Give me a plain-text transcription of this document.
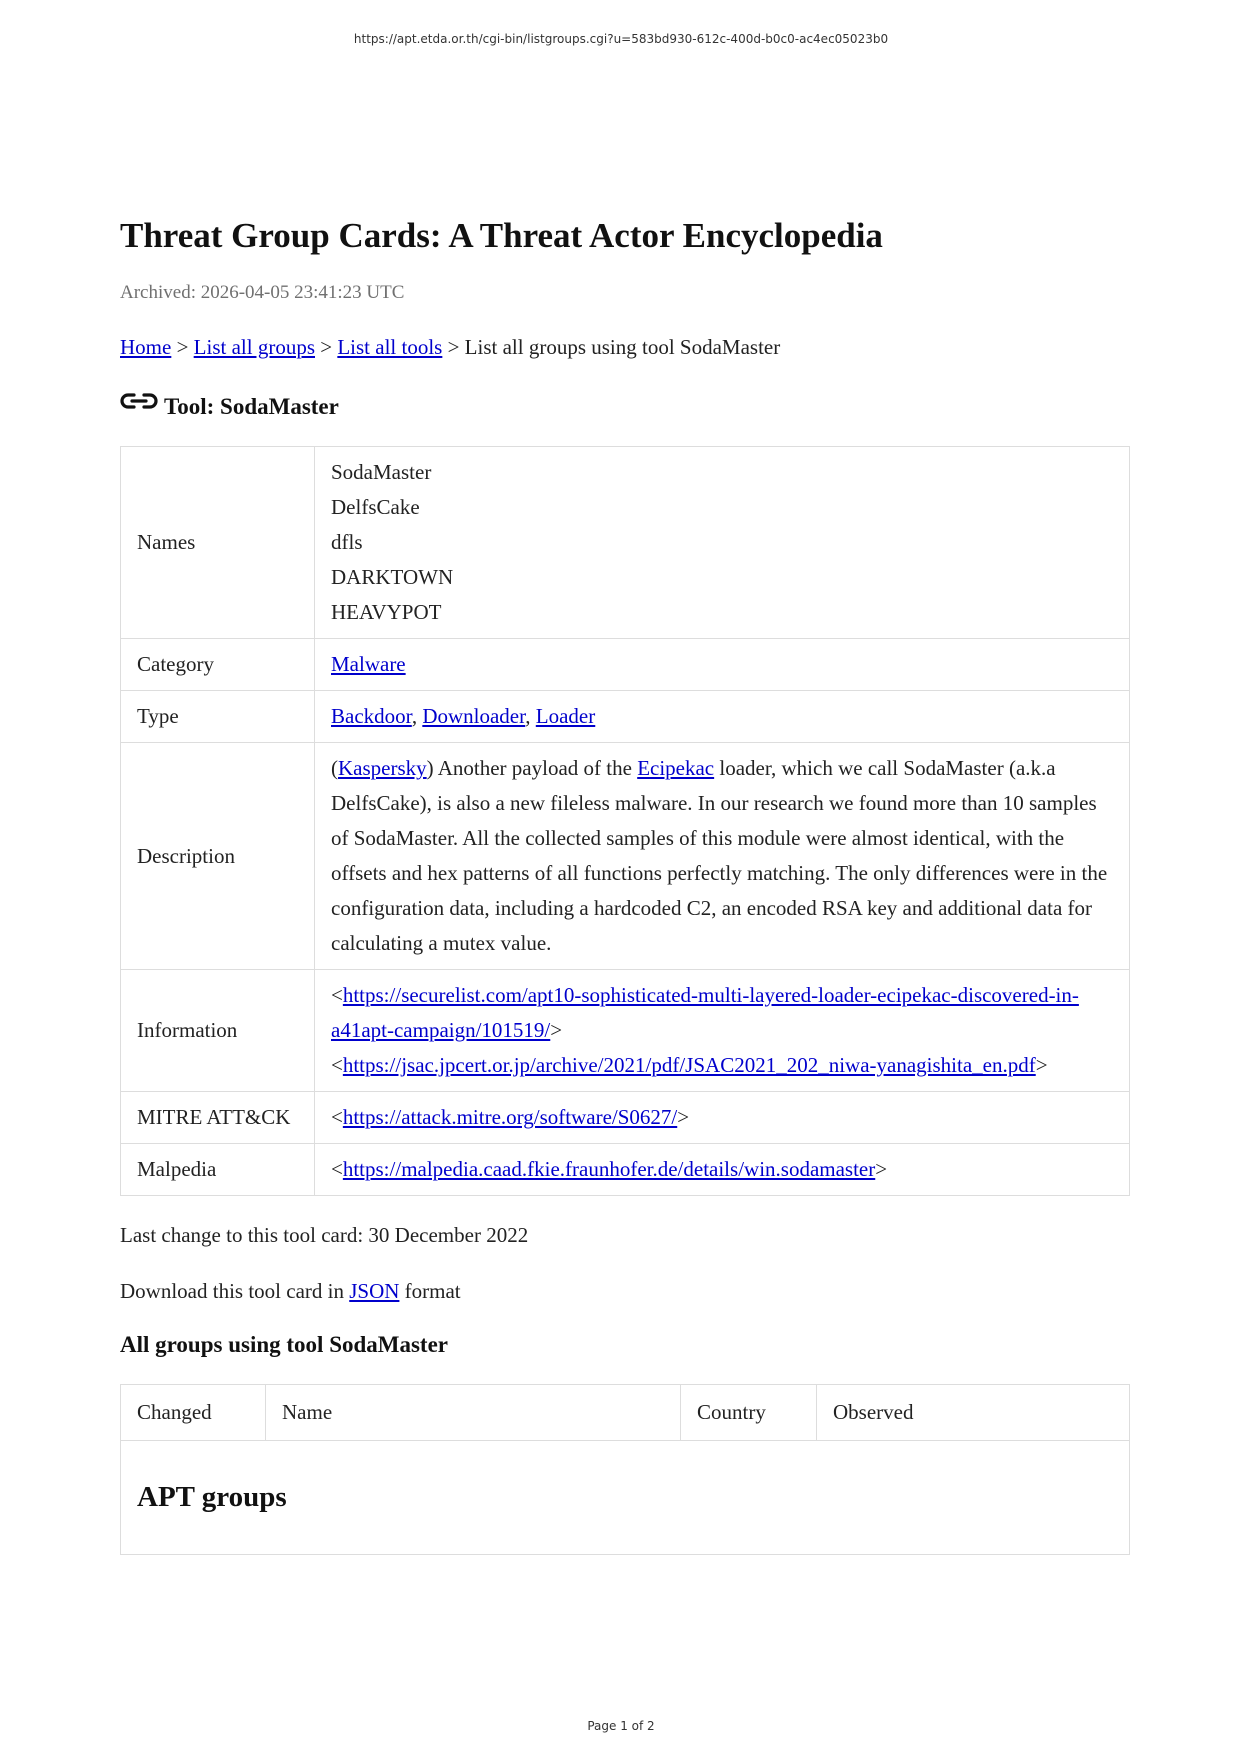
https://apt.etda.or.th/cgi-bin/listgroups.cgi?u=583bd930-612c-400d-b0c0-ac4ec05023b0
Threat Group Cards: A Threat Actor Encyclopedia
Archived: 2026-04-05 23:41:23 UTC
Home > List all groups > List all tools > List all groups using tool SodaMaster
Tool: SodaMaster
Names	SodaMaster
DelfsCake
dfls
DARKTOWN
HEAVYPOT

Category	Malware
Type	Backdoor, Downloader, Loader
Description	(Kaspersky) Another payload of the Ecipekac loader, which we call SodaMaster (a.k.a DelfsCake), is also a new fileless malware. In our research we found more than 10 samples of SodaMaster. All the collected samples of this module were almost identical, with the offsets and hex patterns of all functions perfectly matching. The only differences were in the configuration data, including a hardcoded C2, an encoded RSA key and additional data for calculating a mutex value.
Information	<https://securelist.com/apt10-sophisticated-multi-layered-loader-ecipekac-discovered-in-a41apt-campaign/101519/>
<https://jsac.jpcert.or.jp/archive/2021/pdf/JSAC2021_202_niwa-yanagishita_en.pdf>

MITRE ATT&CK	<https://attack.mitre.org/software/S0627/>
Malpedia	<https://malpedia.caad.fkie.fraunhofer.de/details/win.sodamaster>

Last change to this tool card: 30 December 2022

Download this tool card in JSON format

All groups using tool SodaMaster
Changed	Name	Country	Observed
APT groups
Page 1 of 2
